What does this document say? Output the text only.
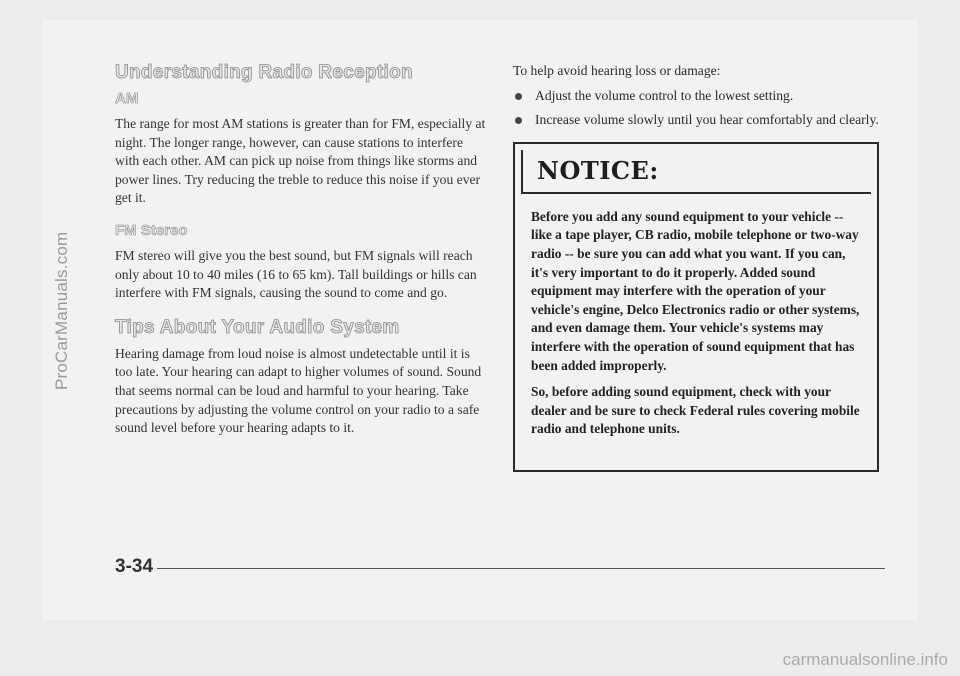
ProCarManuals.com
carmanualsonline.info
Understanding Radio Reception
AM

The range for most AM stations is greater than for FM, especially at night. The longer range, however, can cause stations to interfere with each other. AM can pick up noise from things like storms and power lines. Try reducing the treble to reduce this noise if you ever get it.

FM Stereo

FM stereo will give you the best sound, but FM signals will reach only about 10 to 40 miles (16 to 65 km). Tall buildings or hills can interfere with FM signals, causing the sound to come and go.

Tips About Your Audio System

Hearing damage from loud noise is almost undetectable until it is too late. Your hearing can adapt to higher volumes of sound. Sound that seems normal can be loud and harmful to your hearing. Take precautions by adjusting the volume control on your radio to a safe sound level before your hearing adapts to it.

To help avoid hearing loss or damage:

Adjust the volume control to the lowest setting.
Increase volume slowly until you hear comfortably and clearly.
NOTICE:

Before you add any sound equipment to your vehicle -- like a tape player, CB radio, mobile telephone or two-way radio -- be sure you can add what you want. If you can, it's very important to do it properly. Added sound equipment may interfere with the operation of your vehicle's engine, Delco Electronics radio or other systems, and even damage them. Your vehicle's systems may interfere with the operation of sound equipment that has been added improperly.

So, before adding sound equipment, check with your dealer and be sure to check Federal rules covering mobile radio and telephone units.

3-34
